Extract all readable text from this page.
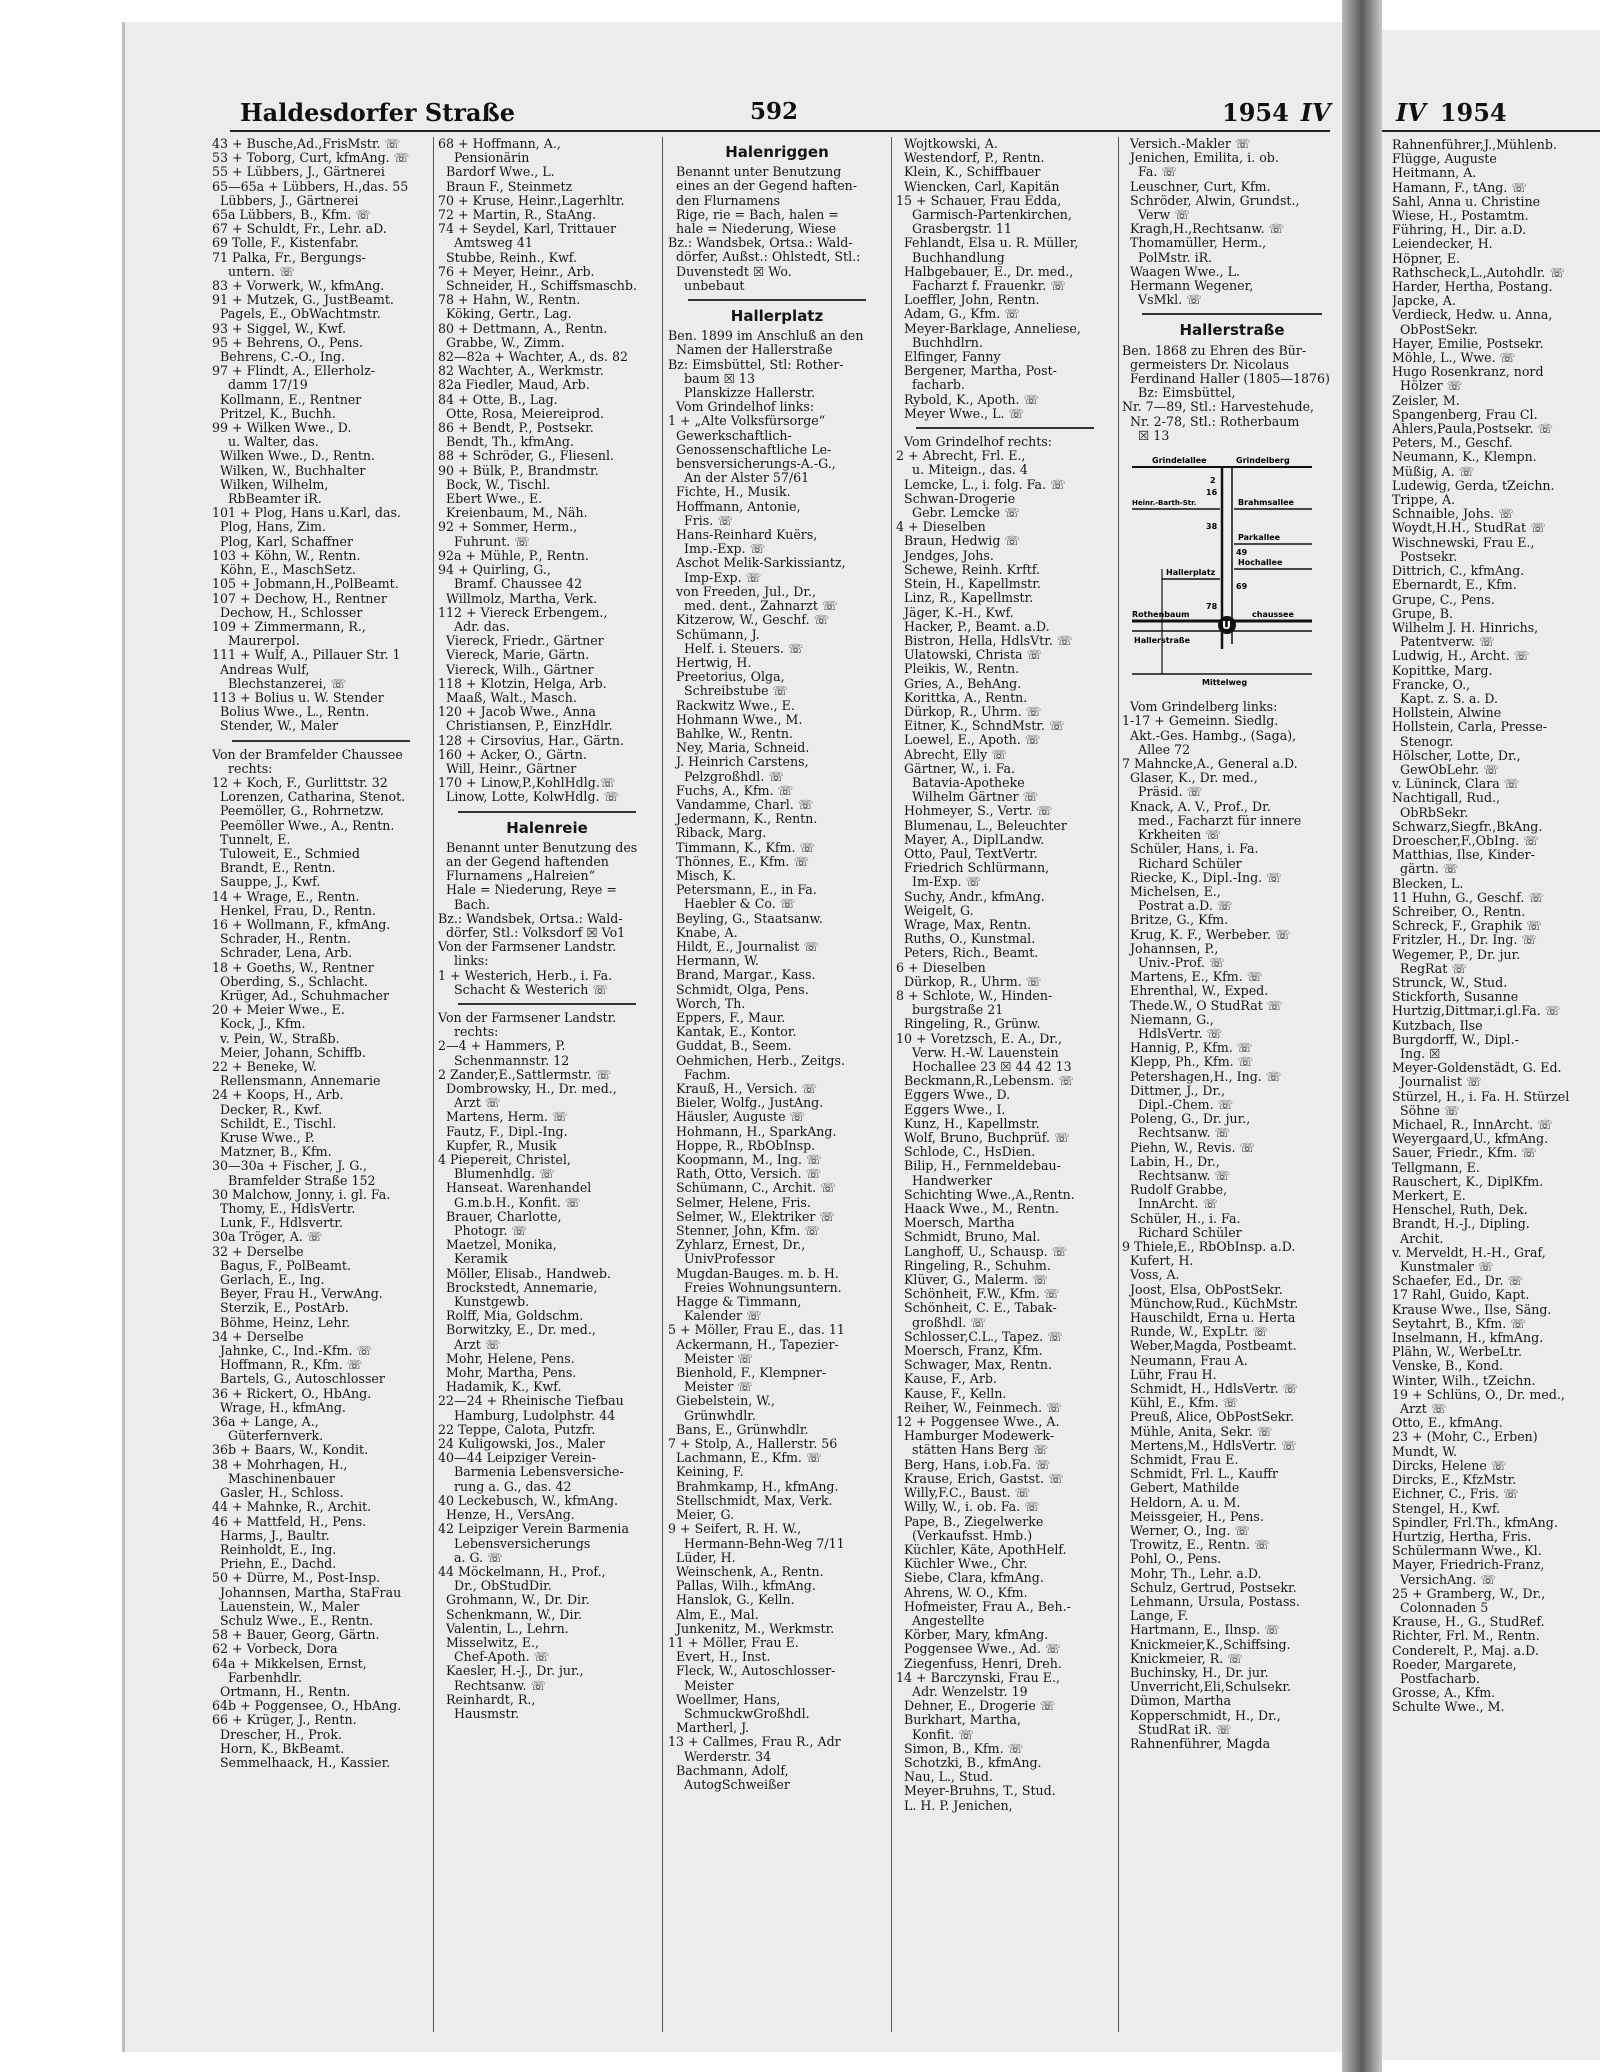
Haldesdorfer Straße	592	1954 IV
43 + Busche,Ad.,FrisMstr. ☏
53 + Toborg, Curt, kfmAng. ☏
55 + Lübbers, J., Gärtnerei
65—65a + Lübbers, H.,das. 55
Lübbers, J., Gärtnerei
65a Lübbers, B., Kfm. ☏
67 + Schuldt, Fr., Lehr. aD.
69 Tolle, F., Kistenfabr.
71 Palka, Fr., Bergungs-
untern. ☏
83 + Vorwerk, W., kfmAng.
91 + Mutzek, G., JustBeamt.
Pagels, E., ObWachtmstr.
93 + Siggel, W., Kwf.
95 + Behrens, O., Pens.
Behrens, C.-O., Ing.
97 + Flindt, A., Ellerholz-
damm 17/19
Kollmann, E., Rentner
Pritzel, K., Buchh.
99 + Wilken Wwe., D.
u. Walter, das.
Wilken Wwe., D., Rentn.
Wilken, W., Buchhalter
Wilken, Wilhelm,
RbBeamter iR.
101 + Plog, Hans u.Karl, das.
Plog, Hans, Zim.
Plog, Karl, Schaffner
103 + Köhn, W., Rentn.
Köhn, E., MaschSetz.
105 + Jobmann,H.,PolBeamt.
107 + Dechow, H., Rentner
Dechow, H., Schlosser
109 + Zimmermann, R.,
Maurerpol.
111 + Wulf, A., Pillauer Str. 1
Andreas Wulf,
Blechstanzerei, ☏
113 + Bolius u. W. Stender
Bolius Wwe., L., Rentn.
Stender, W., Maler
Von der Bramfelder Chaussee
rechts:
12 + Koch, F., Gurlittstr. 32
Lorenzen, Catharina, Stenot.
Peemöller, G., Rohrnetzw.
Peemöller Wwe., A., Rentn.
Tunnelt, E.
Tuloweit, E., Schmied
Brandt, E., Rentn.
Sauppe, J., Kwf.
14 + Wrage, E., Rentn.
Henkel, Frau, D., Rentn.
16 + Wollmann, F., kfmAng.
Schrader, H., Rentn.
Schrader, Lena, Arb.
18 + Goeths, W., Rentner
Oberding, S., Schlacht.
Krüger, Ad., Schuhmacher
20 + Meier Wwe., E.
Kock, J., Kfm.
v. Pein, W., Straßb.
Meier, Johann, Schiffb.
22 + Beneke, W.
Rellensmann, Annemarie
24 + Koops, H., Arb.
Decker, R., Kwf.
Schildt, E., Tischl.
Kruse Wwe., P.
Matzner, B., Kfm.
30—30a + Fischer, J. G.,
Bramfelder Straße 152
30 Malchow, Jonny, i. gl. Fa.
Thomy, E., HdlsVertr.
Lunk, F., Hdlsvertr.
30a Tröger, A. ☏
32 + Derselbe
Bagus, F., PolBeamt.
Gerlach, E., Ing.
Beyer, Frau H., VerwAng.
Sterzik, E., PostArb.
Böhme, Heinz, Lehr.
34 + Derselbe
Jahnke, C., Ind.-Kfm. ☏
Hoffmann, R., Kfm. ☏
Bartels, G., Autoschlosser
36 + Rickert, O., HbAng.
Wrage, H., kfmAng.
36a + Lange, A.,
Güterfernverk.
36b + Baars, W., Kondit.
38 + Mohrhagen, H.,
Maschinenbauer
Gasler, H., Schloss.
44 + Mahnke, R., Archit.
46 + Mattfeld, H., Pens.
Harms, J., Baultr.
Reinholdt, E., Ing.
Priehn, E., Dachd.
50 + Dürre, M., Post-Insp.
Johannsen, Martha, StaFrau
Lauenstein, W., Maler
Schulz Wwe., E., Rentn.
58 + Bauer, Georg, Gärtn.
62 + Vorbeck, Dora
64a + Mikkelsen, Ernst,
Farbenhdlr.
Ortmann, H., Rentn.
64b + Poggensee, O., HbAng.
66 + Krüger, J., Rentn.
Drescher, H., Prok.
Horn, K., BkBeamt.
Semmelhaack, H., Kassier.
68 + Hoffmann, A.,
Pensionärin
Bardorf Wwe., L.
Braun F., Steinmetz
70 + Kruse, Heinr.,Lagerhltr.
72 + Martin, R., StaAng.
74 + Seydel, Karl, Trittauer
Amtsweg 41
Stubbe, Reinh., Kwf.
76 + Meyer, Heinr., Arb.
Schneider, H., Schiffsmaschb.
78 + Hahn, W., Rentn.
Köking, Gertr., Lag.
80 + Dettmann, A., Rentn.
Grabbe, W., Zimm.
82—82a + Wachter, A., ds. 82
82 Wachter, A., Werkmstr.
82a Fiedler, Maud, Arb.
84 + Otte, B., Lag.
Otte, Rosa, Meiereiprod.
86 + Bendt, P., Postsekr.
Bendt, Th., kfmAng.
88 + Schröder, G., Fliesenl.
90 + Bülk, P., Brandmstr.
Bock, W., Tischl.
Ebert Wwe., E.
Kreienbaum, M., Näh.
92 + Sommer, Herm.,
Fuhrunt. ☏
92a + Mühle, P., Rentn.
94 + Quirling, G.,
Bramf. Chaussee 42
Willmolz, Martha, Verk.
112 + Viereck Erbengem.,
Adr. das.
Viereck, Friedr., Gärtner
Viereck, Marie, Gärtn.
Viereck, Wilh., Gärtner
118 + Klotzin, Helga, Arb.
Maaß, Walt., Masch.
120 + Jacob Wwe., Anna
Christiansen, P., EinzHdlr.
128 + Cirsovius, Har., Gärtn.
160 + Acker, O., Gärtn.
Will, Heinr., Gärtner
170 + Linow,P.,KohlHdlg.☏
Linow, Lotte, KolwHdlg. ☏
Halenreie
Benannt unter Benutzung des
an der Gegend haftenden
Flurnamens „Halreien“
Hale = Niederung, Reye =
Bach.
Bz.: Wandsbek, Ortsa.: Wald-
dörfer, Stl.: Volksdorf ☒ Vo1
Von der Farmsener Landstr.
links:
1 + Westerich, Herb., i. Fa.
Schacht & Westerich ☏
Von der Farmsener Landstr.
rechts:
2—4 + Hammers, P.
Schenmannstr. 12
2 Zander,E.,Sattlermstr. ☏
Dombrowsky, H., Dr. med.,
Arzt ☏
Martens, Herm. ☏
Fautz, F., Dipl.-Ing.
Kupfer, R., Musik
4 Piepereit, Christel,
Blumenhdlg. ☏
Hanseat. Warenhandel
G.m.b.H., Konfit. ☏
Brauer, Charlotte,
Photogr. ☏
Maetzel, Monika,
Keramik
Möller, Elisab., Handweb.
Brockstedt, Annemarie,
Kunstgewb.
Rolff, Mia, Goldschm.
Borwitzky, E., Dr. med.,
Arzt ☏
Mohr, Helene, Pens.
Mohr, Martha, Pens.
Hadamik, K., Kwf.
22—24 + Rheinische Tiefbau
Hamburg, Ludolphstr. 44
22 Teppe, Calota, Putzfr.
24 Kuligowski, Jos., Maler
40—44 Leipziger Verein-
Barmenia Lebensversiche-
rung a. G., das. 42
40 Leckebusch, W., kfmAng.
Henze, H., VersAng.
42 Leipziger Verein Barmenia
Lebensversicherungs
a. G. ☏
44 Möckelmann, H., Prof.,
Dr., ObStudDir.
Grohmann, W., Dr. Dir.
Schenkmann, W., Dir.
Valentin, L., Lehrn.
Misselwitz, E.,
Chef-Apoth. ☏
Kaesler, H.-J., Dr. jur.,
Rechtsanw. ☏
Reinhardt, R.,
Hausmstr.
Halenriggen
Benannt unter Benutzung
eines an der Gegend haften-
den Flurnamens
Rige, rie = Bach, halen =
hale = Niederung, Wiese
Bz.: Wandsbek, Ortsa.: Wald-
dörfer, Außst.: Ohlstedt, Stl.:
Duvenstedt ☒ Wo.
unbebaut
Hallerplatz
Ben. 1899 im Anschluß an den
Namen der Hallerstraße
Bz: Eimsbüttel, Stl: Rother-
baum ☒ 13
Planskizze Hallerstr.
Vom Grindelhof links:
1 + „Alte Volksfürsorge“
Gewerkschaftlich-
Genossenschaftliche Le-
bensversicherungs-A.-G.,
An der Alster 57/61
Fichte, H., Musik.
Hoffmann, Antonie,
Fris. ☏
Hans-Reinhard Kuërs,
Imp.-Exp. ☏
Aschot Melik-Sarkissiantz,
Imp-Exp. ☏
von Freeden, Jul., Dr.,
med. dent., Zahnarzt ☏
Kitzerow, W., Geschf. ☏
Schümann, J.
Helf. i. Steuers. ☏
Hertwig, H.
Preetorius, Olga,
Schreibstube ☏
Rackwitz Wwe., E.
Hohmann Wwe., M.
Bahlke, W., Rentn.
Ney, Maria, Schneid.
J. Heinrich Carstens,
Pelzgroßhdl. ☏
Fuchs, A., Kfm. ☏
Vandamme, Charl. ☏
Jedermann, K., Rentn.
Riback, Marg.
Timmann, K., Kfm. ☏
Thönnes, E., Kfm. ☏
Misch, K.
Petersmann, E., in Fa.
Haebler & Co. ☏
Beyling, G., Staatsanw.
Knabe, A.
Hildt, E., Journalist ☏
Hermann, W.
Brand, Margar., Kass.
Schmidt, Olga, Pens.
Worch, Th.
Eppers, F., Maur.
Kantak, E., Kontor.
Guddat, B., Seem.
Oehmichen, Herb., Zeitgs.
Fachm.
Krauß, H., Versich. ☏
Bieler, Wolfg., JustAng.
Häusler, Auguste ☏
Hohmann, H., SparkAng.
Hoppe, R., RbObInsp.
Koopmann, M., Ing. ☏
Rath, Otto, Versich. ☏
Schümann, C., Archit. ☏
Selmer, Helene, Fris.
Selmer, W., Elektriker ☏
Stenner, John, Kfm. ☏
Zyhlarz, Ernest, Dr.,
UnivProfessor
Mugdan-Bauges. m. b. H.
Freies Wohnungsuntern.
Hagge & Timmann,
Kalender ☏
5 + Möller, Frau E., das. 11
Ackermann, H., Tapezier-
Meister ☏
Bienhold, F., Klempner-
Meister ☏
Giebelstein, W.,
Grünwhdlr.
Bans, E., Grünwhdlr.
7 + Stolp, A., Hallerstr. 56
Lachmann, E., Kfm. ☏
Keining, F.
Brahmkamp, H., kfmAng.
Stellschmidt, Max, Verk.
Meier, G.
9 + Seifert, R. H. W.,
Hermann-Behn-Weg 7/11
Lüder, H.
Weinschenk, A., Rentn.
Pallas, Wilh., kfmAng.
Hanslok, G., Kelln.
Alm, E., Mal.
Junkenitz, M., Werkmstr.
11 + Möller, Frau E.
Evert, H., Inst.
Fleck, W., Autoschlosser-
Meister
Woellmer, Hans,
SchmuckwGroßhdl.
Martherl, J.
13 + Callmes, Frau R., Adr
Werderstr. 34
Bachmann, Adolf,
AutogSchweißer
Wojtkowski, A.
Westendorf, P., Rentn.
Klein, K., Schiffbauer
Wiencken, Carl, Kapitän
15 + Schauer, Frau Edda,
Garmisch-Partenkirchen,
Grasbergstr. 11
Fehlandt, Elsa u. R. Müller,
Buchhandlung
Halbgebauer, E., Dr. med.,
Facharzt f. Frauenkr. ☏
Loeffler, John, Rentn.
Adam, G., Kfm. ☏
Meyer-Barklage, Anneliese,
Buchhdlrn.
Elfinger, Fanny
Bergener, Martha, Post-
facharb.
Rybold, K., Apoth. ☏
Meyer Wwe., L. ☏
Vom Grindelhof rechts:
2 + Abrecht, Frl. E.,
u. Miteign., das. 4
Lemcke, L., i. folg. Fa. ☏
Schwan-Drogerie
Gebr. Lemcke ☏
4 + Dieselben
Braun, Hedwig ☏
Jendges, Johs.
Schewe, Reinh. Krftf.
Stein, H., Kapellmstr.
Linz, R., Kapellmstr.
Jäger, K.-H., Kwf.
Hacker, P., Beamt. a.D.
Bistron, Hella, HdlsVtr. ☏
Ulatowski, Christa ☏
Pleikis, W., Rentn.
Gries, A., BehAng.
Korittka, A., Rentn.
Dürkop, R., Uhrm. ☏
Eitner, K., SchndMstr. ☏
Loewel, E., Apoth. ☏
Abrecht, Elly ☏
Gärtner, W., i. Fa.
Batavia-Apotheke
Wilhelm Gärtner ☏
Hohmeyer, S., Vertr. ☏
Blumenau, L., Beleuchter
Mayer, A., DiplLandw.
Otto, Paul, TextVertr.
Friedrich Schlürmann,
Im-Exp. ☏
Suchy, Andr., kfmAng.
Weigelt, G.
Wrage, Max, Rentn.
Ruths, O., Kunstmal.
Peters, Rich., Beamt.
6 + Dieselben
Dürkop, R., Uhrm. ☏
8 + Schlote, W., Hinden-
burgstraße 21
Ringeling, R., Grünw.
10 + Voretzsch, E. A., Dr.,
Verw. H.-W. Lauenstein
Hochallee 23 ☒ 44 42 13
Beckmann,R.,Lebensm. ☏
Eggers Wwe., D.
Eggers Wwe., I.
Kunz, H., Kapellmstr.
Wolf, Bruno, Buchprüf. ☏
Schlode, C., HsDien.
Bilip, H., Fernmeldebau-
Handwerker
Schichting Wwe.,A.,Rentn.
Haack Wwe., M., Rentn.
Moersch, Martha
Schmidt, Bruno, Mal.
Langhoff, U., Schausp. ☏
Ringeling, R., Schuhm.
Klüver, G., Malerm. ☏
Schönheit, F.W., Kfm. ☏
Schönheit, C. E., Tabak-
großhdl. ☏
Schlosser,C.L., Tapez. ☏
Moersch, Franz, Kfm.
Schwager, Max, Rentn.
Kause, F., Arb.
Kause, F., Kelln.
Reiher, W., Feinmech. ☏
12 + Poggensee Wwe., A.
Hamburger Modewerk-
stätten Hans Berg ☏
Berg, Hans, i.ob.Fa. ☏
Krause, Erich, Gastst. ☏
Willy,F.C., Baust. ☏
Willy, W., i. ob. Fa. ☏
Pape, B., Ziegelwerke
(Verkaufsst. Hmb.)
Küchler, Käte, ApothHelf.
Küchler Wwe., Chr.
Siebe, Clara, kfmAng.
Ahrens, W. O., Kfm.
Hofmeister, Frau A., Beh.-
Angestellte
Körber, Mary, kfmAng.
Poggensee Wwe., Ad. ☏
Ziegenfuss, Henri, Dreh.
14 + Barczynski, Frau E.,
Adr. Wenzelstr. 19
Dehner, E., Drogerie ☏
Burkhart, Martha,
Konfit. ☏
Simon, B., Kfm. ☏
Schotzki, B., kfmAng.
Nau, L., Stud.
Meyer-Bruhns, T., Stud.
L. H. P. Jenichen,
Versich.-Makler ☏
Jenichen, Emilita, i. ob.
Fa. ☏
Leuschner, Curt, Kfm.
Schröder, Alwin, Grundst.,
Verw ☏
Kragh,H.,Rechtsanw. ☏
Thomamüller, Herm.,
PolMstr. iR.
Waagen Wwe., L.
Hermann Wegener,
VsMkl. ☏
Hallerstraße
Ben. 1868 zu Ehren des Bür-
germeisters Dr. Nicolaus
Ferdinand Haller (1805—1876)
Bz: Eimsbüttel,
Nr. 7—89, Stl.: Harvestehude,
Nr. 2-78, Stl.: Rotherbaum
☒ 13
U
Grindelallee	Grindelberg
Heinr.-Barth-Str.	Brahmsallee
Parkallee
Hochallee
Hallerplatz
Rothenbaum	chaussee
Hallerstraße
Mittelweg
2
16
38
49
78
69
Vom Grindelberg links:
1-17 + Gemeinn. Siedlg.
Akt.-Ges. Hambg., (Saga),
Allee 72
7 Mahncke,A., General a.D.
Glaser, K., Dr. med.,
Präsid. ☏
Knack, A. V., Prof., Dr.
med., Facharzt für innere
Krkheiten ☏
Schüler, Hans, i. Fa.
Richard Schüler
Riecke, K., Dipl.-Ing. ☏
Michelsen, E.,
Postrat a.D. ☏
Britze, G., Kfm.
Krug, K. F., Werbeber. ☏
Johannsen, P.,
Univ.-Prof. ☏
Martens, E., Kfm. ☏
Ehrenthal, W., Exped.
Thede.W., O StudRat ☏
Niemann, G.,
HdlsVertr. ☏
Hannig, P., Kfm. ☏
Klepp, Ph., Kfm. ☏
Petershagen,H., Ing. ☏
Dittmer, J., Dr.,
Dipl.-Chem. ☏
Poleng, G., Dr. jur.,
Rechtsanw. ☏
Piehn, W., Revis. ☏
Labin, H., Dr.,
Rechtsanw. ☏
Rudolf Grabbe,
InnArcht. ☏
Schüler, H., i. Fa.
Richard Schüler
9 Thiele,E., RbObInsp. a.D.
Kufert, H.
Voss, A.
Joost, Elsa, ObPostSekr.
Münchow,Rud., KüchMstr.
Hauschildt, Erna u. Herta
Runde, W., ExpLtr. ☏
Weber,Magda, Postbeamt.
Neumann, Frau A.
Lühr, Frau H.
Schmidt, H., HdlsVertr. ☏
Kühl, E., Kfm. ☏
Preuß, Alice, ObPostSekr.
Mühle, Anita, Sekr. ☏
Mertens,M., HdlsVertr. ☏
Schmidt, Frau E.
Schmidt, Frl. L., Kauffr
Gebert, Mathilde
Heldorn, A. u. M.
Meissgeier, H., Pens.
Werner, O., Ing. ☏
Trowitz, E., Rentn. ☏
Pohl, O., Pens.
Mohr, Th., Lehr. a.D.
Schulz, Gertrud, Postsekr.
Lehmann, Ursula, Postass.
Lange, F.
Hartmann, E., Ilnsp. ☏
Knickmeier,K.,Schiffsing.
Knickmeier, R. ☏
Buchinsky, H., Dr. jur.
Unverricht,Eli,Schulsekr.
Dümon, Martha
Kopperschmidt, H., Dr.,
StudRat iR. ☏
Rahnenführer, Magda
IV 1954
Rahnenführer,J.,Mühlenb.
Flügge, Auguste
Heitmann, A.
Hamann, F., tAng. ☏
Sahl, Anna u. Christine
Wiese, H., Postamtm.
Führing, H., Dir. a.D.
Leiendecker, H.
Höpner, E.
Rathscheck,L.,Autohdlr. ☏
Harder, Hertha, Postang.
Japcke, A.
Verdieck, Hedw. u. Anna,
ObPostSekr.
Hayer, Emilie, Postsekr.
Möhle, L., Wwe. ☏
Hugo Rosenkranz, nord
Hölzer ☏
Zeisler, M.
Spangenberg, Frau Cl.
Ahlers,Paula,Postsekr. ☏
Peters, M., Geschf.
Neumann, K., Klempn.
Müßig, A. ☏
Ludewig, Gerda, tZeichn.
Trippe, A.
Schnaible, Johs. ☏
Woydt,H.H., StudRat ☏
Wischnewski, Frau E.,
Postsekr.
Dittrich, C., kfmAng.
Ebernardt, E., Kfm.
Grupe, C., Pens.
Grupe, B.
Wilhelm J. H. Hinrichs,
Patentverw. ☏
Ludwig, H., Archt. ☏
Kopittke, Marg.
Francke, O.,
Kapt. z. S. a. D.
Hollstein, Alwine
Hollstein, Carla, Presse-
Stenogr.
Hölscher, Lotte, Dr.,
GewObLehr. ☏
v. Lüninck, Clara ☏
Nachtigall, Rud.,
ObRbSekr.
Schwarz,Siegfr.,BkAng.
Droescher,F.,ObIng. ☏
Matthias, Ilse, Kinder-
gärtn. ☏
Blecken, L.
11 Huhn, G., Geschf. ☏
Schreiber, O., Rentn.
Schreck, F., Graphik ☏
Fritzler, H., Dr. Ing. ☏
Wegemer, P., Dr. jur.
RegRat ☏
Strunck, W., Stud.
Stickforth, Susanne
Hurtzig,Dittmar,i.gl.Fa. ☏
Kutzbach, Ilse
Burgdorff, W., Dipl.-
Ing. ☒
Meyer-Goldenstädt, G. Ed.
Journalist ☏
Stürzel, H., i. Fa. H. Stürzel
Söhne ☏
Michael, R., InnArcht. ☏
Weyergaard,U., kfmAng.
Sauer, Friedr., Kfm. ☏
Tellgmann, E.
Rauschert, K., DiplKfm.
Merkert, E.
Henschel, Ruth, Dek.
Brandt, H.-J., Dipling.
Archit.
v. Merveldt, H.-H., Graf,
Kunstmaler ☏
Schaefer, Ed., Dr. ☏
17 Rahl, Guido, Kapt.
Krause Wwe., Ilse, Säng.
Seytahrt, B., Kfm. ☏
Inselmann, H., kfmAng.
Plähn, W., WerbeLtr.
Venske, B., Kond.
Winter, Wilh., tZeichn.
19 + Schlüns, O., Dr. med.,
Arzt ☏
Otto, E., kfmAng.
23 + (Mohr, C., Erben)
Mundt, W.
Dircks, Helene ☏
Dircks, E., KfzMstr.
Eichner, C., Fris. ☏
Stengel, H., Kwf.
Spindler, Frl.Th., kfmAng.
Hurtzig, Hertha, Fris.
Schülermann Wwe., Kl.
Mayer, Friedrich-Franz,
VersichAng. ☏
25 + Gramberg, W., Dr.,
Colonnaden 5
Krause, H., G., StudRef.
Richter, Frl. M., Rentn.
Conderelt, P., Maj. a.D.
Roeder, Margarete,
Postfacharb.
Grosse, A., Kfm.
Schulte Wwe., M.
